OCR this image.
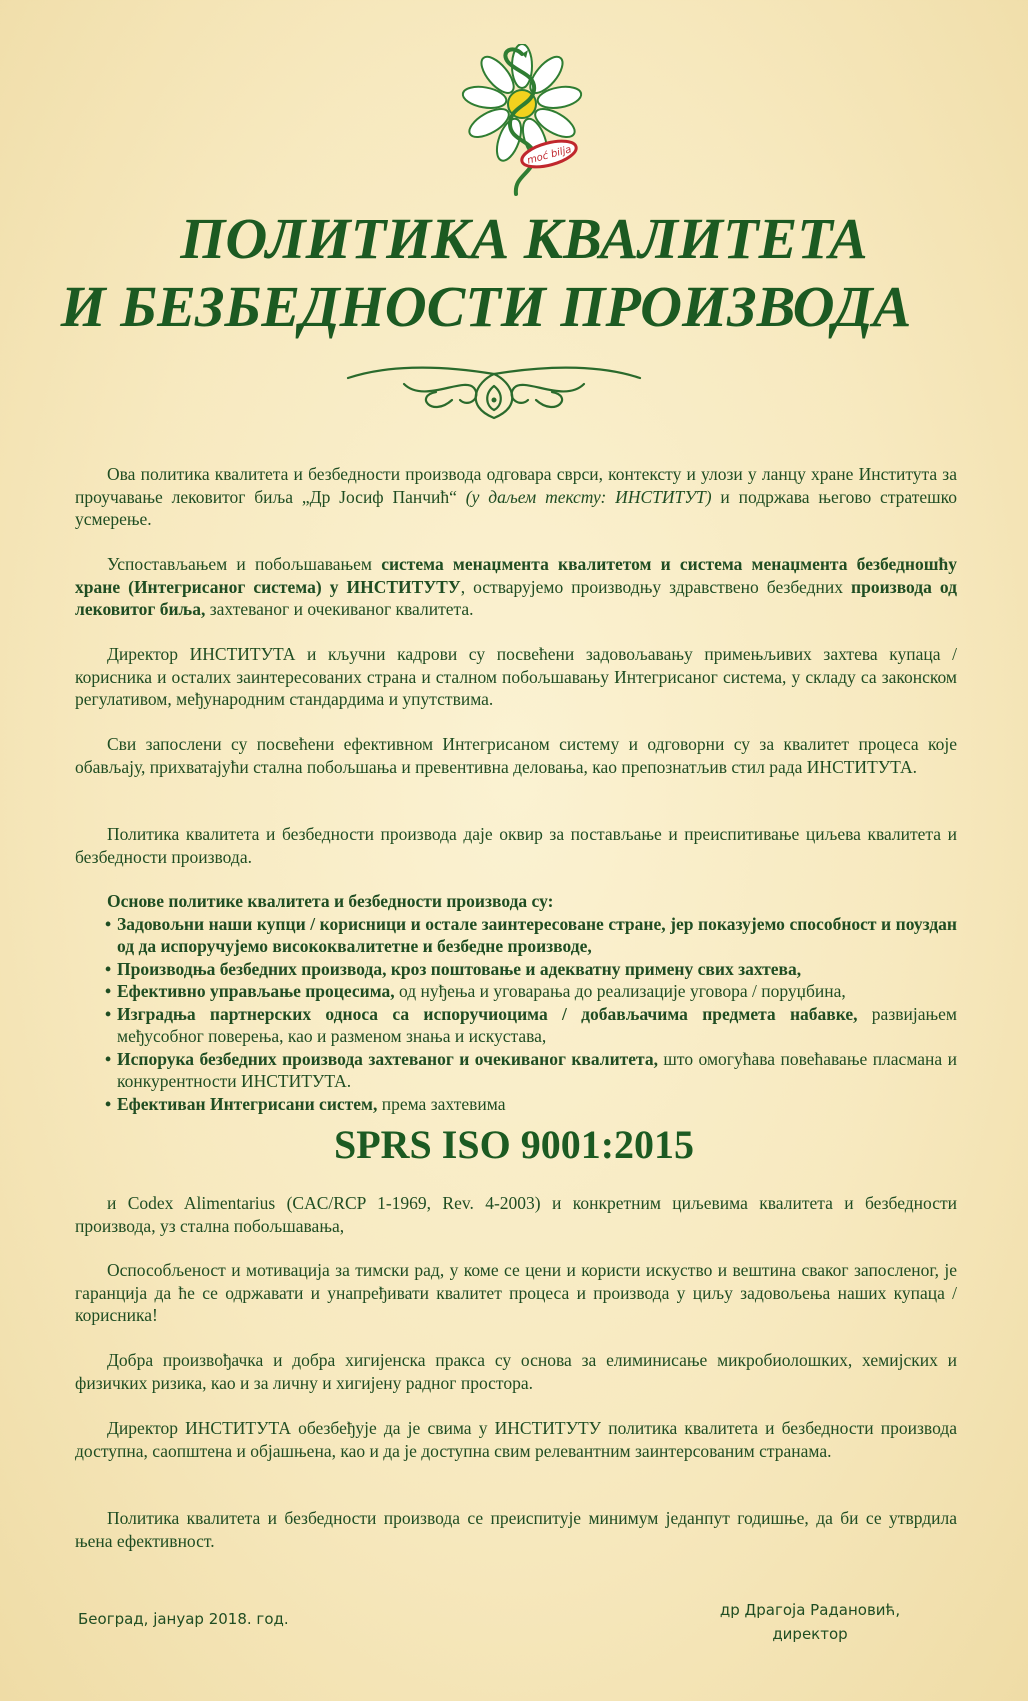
moć bilja
ПОЛИТИКА КВАЛИТЕТА
И БЕЗБЕДНОСТИ ПРОИЗВОДА

Ова политика квалитета и безбедности производа одговара сврси, контексту и улози у ланцу хране Института за проучавање лековитог биља „Др Јосиф Панчић“ (у даљем тексту: ИНСТИТУТ) и подржава његово стратешко усмерење.

Успостављањем и побољшавањем система менаџмента квалитетом и система менаџмента безбедношћу хране (Интегрисаног система) у ИНСТИТУТУ, остварујемо производњу здравствено безбедних производа од лековитог биља, захтеваног и очекиваног квалитета.

Директор ИНСТИТУТА и кључни кадрови су посвећени задовољавању примењљивих захтева купаца / корисника и осталих заинтересованих страна и сталном побољшавању Интегрисаног система, у складу са законском регулативом, међународним стандардима и упутствима.

Сви запослени су посвећени ефективном Интегрисаном систему и одговорни су за квалитет процеса које обављају, прихватајући стална побољшања и превентивна деловања, као препознатљив стил рада ИНСТИТУТА.

Политика квалитета и безбедности производа даје оквир за постављање и преиспитивање циљева квалитета и безбедности производа.

Основе политике квалитета и безбедности производа су:
• Задовољни наши купци / корисници и остале заинтересоване стране, јер показујемо способност и поуздан од да испоручујемо висококвалитетне и безбедне производе,
• Производња безбедних производа, кроз поштовање и адекватну примену свих захтева,
• Ефективно управљање процесима, од нуђења и уговарања до реализације уговора / поруџбина,
• Изградња партнерских односа са испоручиоцима / добављачима предмета набавке, развијањем међусобног поверења, као и разменом знања и искустава,
• Испорука безбедних производа захтеваног и очекиваног квалитета, што омогућава повећавање пласмана и конкурентности ИНСТИТУТА.
• Ефективан Интегрисани систем, према захтевима
SPRS ISO 9001:2015

и Codex Alimentarius (CAC/RCP 1-1969, Rev. 4-2003) и конкретним циљевима квалитета и безбедности производа, уз стална побољшавања,

Оспособљеност и мотивација за тимски рад, у коме се цени и користи искуство и вештина сваког запосленог, је гаранција да ће се одржавати и унапређивати квалитет процеса и производа у циљу задовољења наших купаца / корисника!

Добра произвођачка и добра хигијенска пракса су основа за елиминисање микробиолошких, хемијских и физичких ризика, као и за личну и хигијену радног простора.

Директор ИНСТИТУТА обезбеђује да је свима у ИНСТИТУТУ политика квалитета и безбедности производа доступна, саопштена и објашњена, као и да је доступна свим релевантним заинтерсованим странама.

Политика квалитета и безбедности производа се преиспитује минимум једанпут годишње, да би се утврдила њена ефективност.

Београд, јануар 2018. год.	др Драгоја Радановић,
директор
